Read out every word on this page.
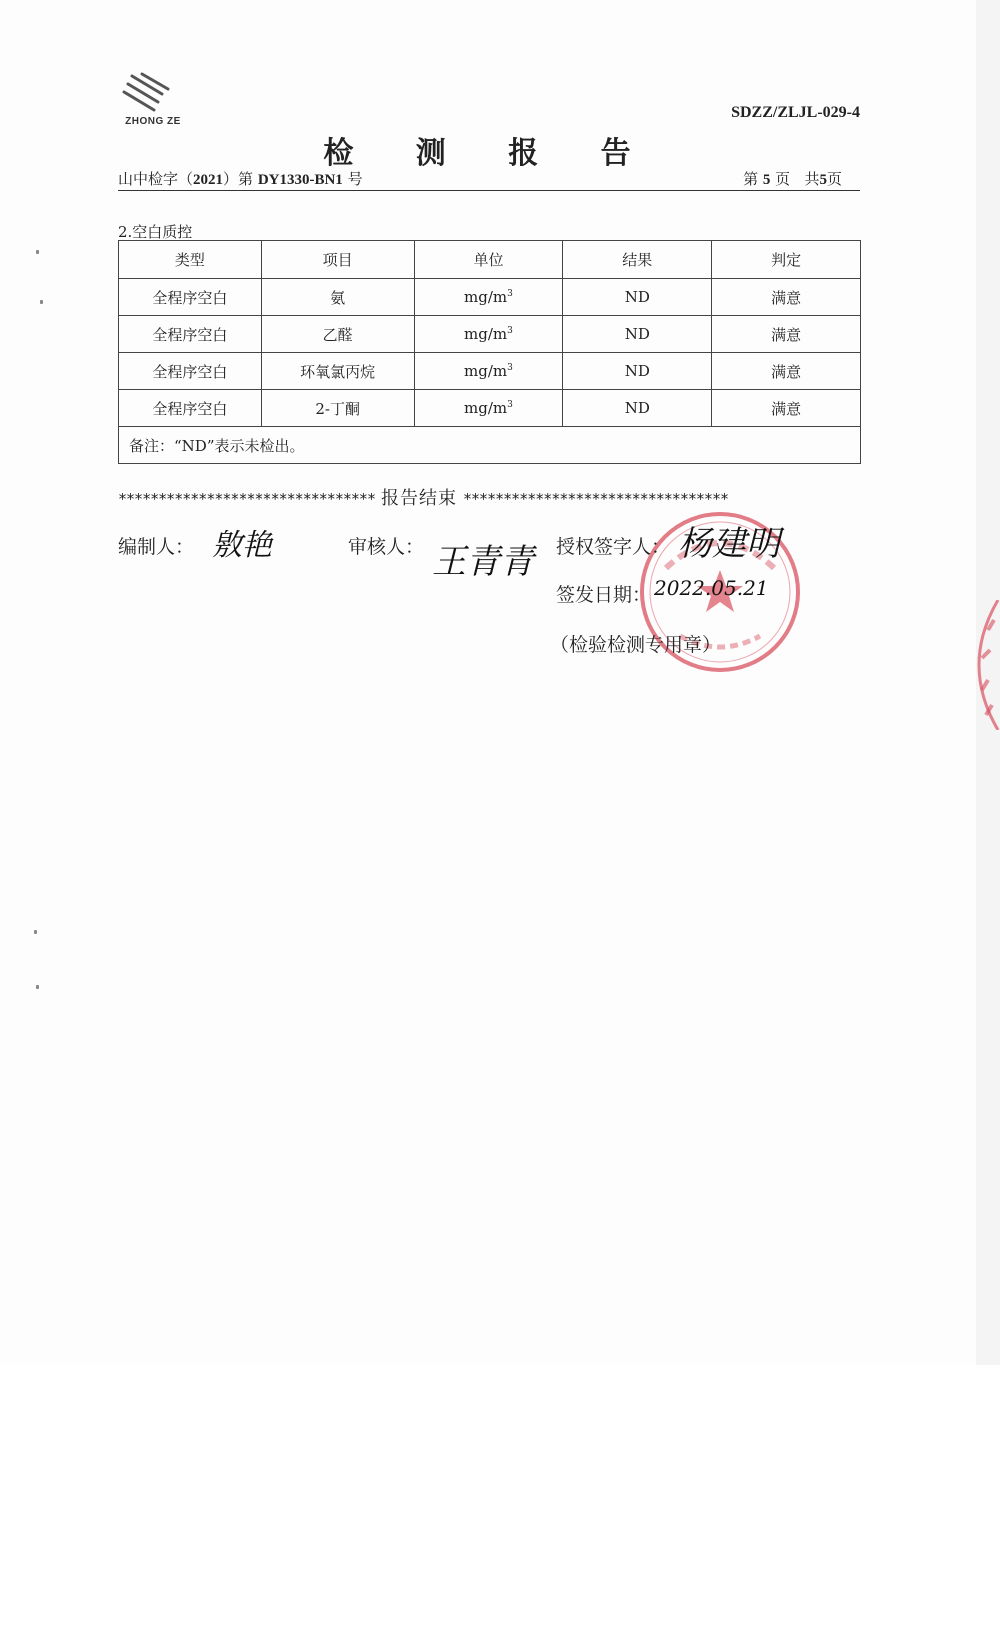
ZHONG ZE
SDZZ/ZLJL-029-4
检 测 报 告
山中检字（2021）第 DY1330-BN1 号	第 5 页   共5页
2.空白质控
类型	项目	单位	结果	判定
全程序空白	氨	$mg/m^3$	ND	满意
全程序空白	乙醛	$mg/m^3$	ND	满意
全程序空白	环氧氯丙烷	$mg/m^3$	ND	满意
全程序空白	2-丁酮	$mg/m^3$	ND	满意
备注：“ND”表示未检出。				
******************************** 报告结束 *********************************
编制人： 敫艳	审核人： 王青青 授权签字人： 杨建明
签发日期： 2022.05.21
（检验检测专用章）
